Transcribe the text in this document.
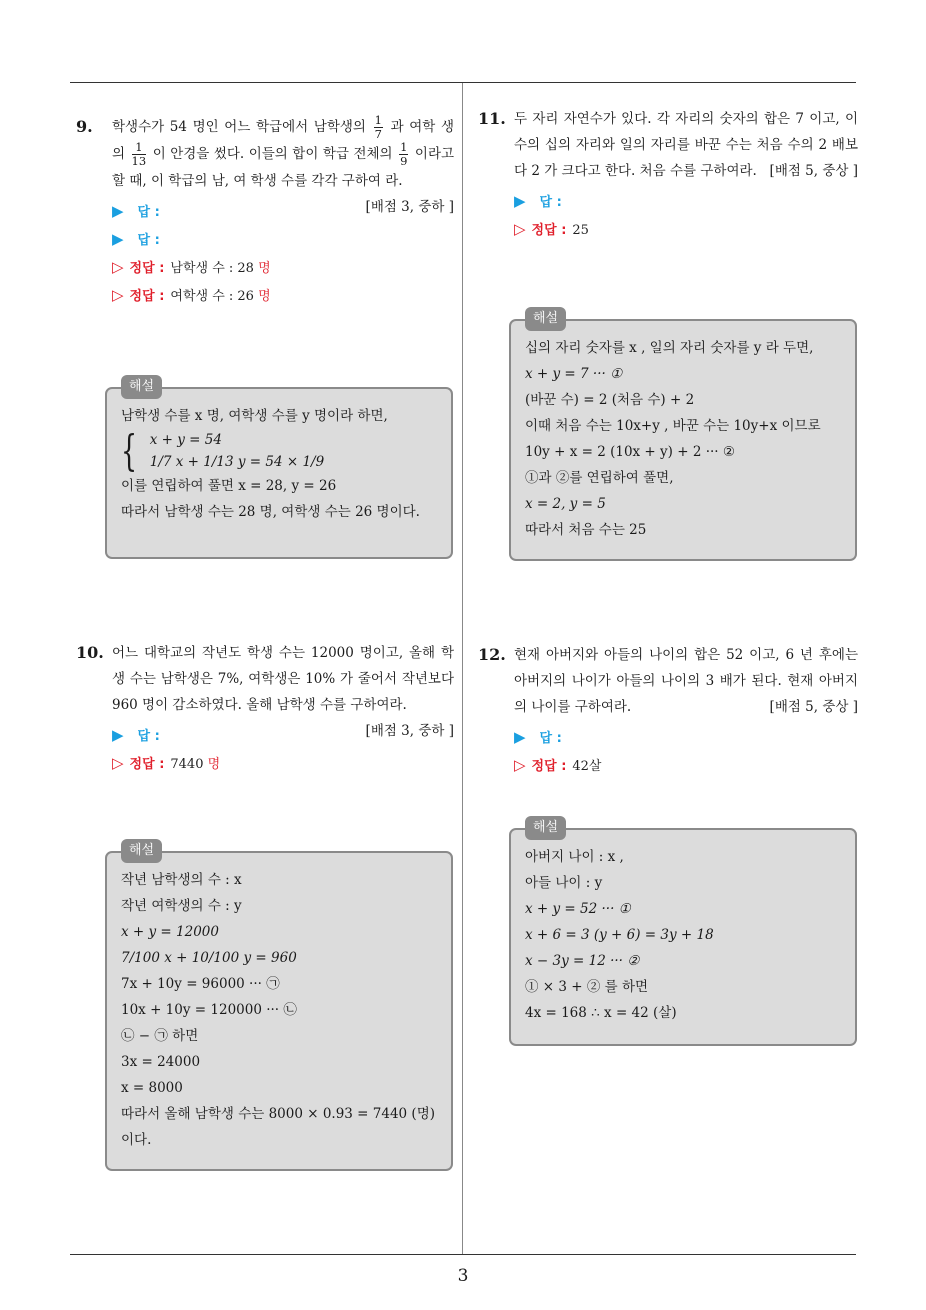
3
9. 학생수가 54 명인 어느 학급에서 남학생의 $\frac{1}{7}$ 과 여학 생의 $\frac{1}{13}$ 이 안경을 썼다. 이들의 합이 학급 전체의 $\frac{1}{9}$ 이라고 할 때, 이 학급의 남, 여 학생 수를 각각 구하여 라.
[배점 3, 중하 ]
▶ 답 :
▶ 답 :
▷ 정답 : 남학생 수 : 28 명
▷ 정답 : 여학생 수 : 26 명
해설
남학생 수를 x 명, 여학생 수를 y 명이라 하면,
{ x + y = 54
1/7 x + 1/13 y = 54 × 1/9
이를 연립하여 풀면 x = 28, y = 26
따라서 남학생 수는 28 명, 여학생 수는 26 명이다.
10. 어느 대학교의 작년도 학생 수는 12000 명이고, 올해 학생 수는 남학생은 7%, 여학생은 10% 가 줄어서 작년보다 960 명이 감소하였다. 올해 남학생 수를 구하여라.
[배점 3, 중하 ]
▶ 답 :
▷ 정답 : 7440 명
해설
작년 남학생의 수 : x
작년 여학생의 수 : y
x + y = 12000
7/100 x + 10/100 y = 960
7x + 10y = 96000 ··· ㉠
10x + 10y = 120000 ··· ㉡
㉡ − ㉠ 하면
3x = 24000
x = 8000
따라서 올해 남학생 수는 8000 × 0.93 = 7440 (명)
이다.
11. 두 자리 자연수가 있다. 각 자리의 숫자의 합은 7 이고, 이 수의 십의 자리와 일의 자리를 바꾼 수는 처음 수의 2 배보다 2 가 크다고 한다. 처음 수를 구하여라. [배점 5, 중상 ]
▶ 답 :
▷ 정답 : 25
해설
십의 자리 숫자를 x , 일의 자리 숫자를 y 라 두면,
x + y = 7 ··· ①
(바꾼 수) = 2 (처음 수) + 2
이때 처음 수는 10x+y , 바꾼 수는 10y+x 이므로
10y + x = 2 (10x + y) + 2 ··· ②
①과 ②를 연립하여 풀면,
x = 2, y = 5
따라서 처음 수는 25
12. 현재 아버지와 아들의 나이의 합은 52 이고, 6 년 후에는 아버지의 나이가 아들의 나이의 3 배가 된다. 현재 아버지의 나이를 구하여라.	[배점 5, 중상 ]
▶ 답 :
▷ 정답 : 42살
해설
아버지 나이 : x ,
아들 나이 : y
x + y = 52 ··· ①
x + 6 = 3 (y + 6) = 3y + 18
x − 3y = 12 ··· ②
① × 3 + ② 를 하면
4x = 168 ∴ x = 42 (살)
